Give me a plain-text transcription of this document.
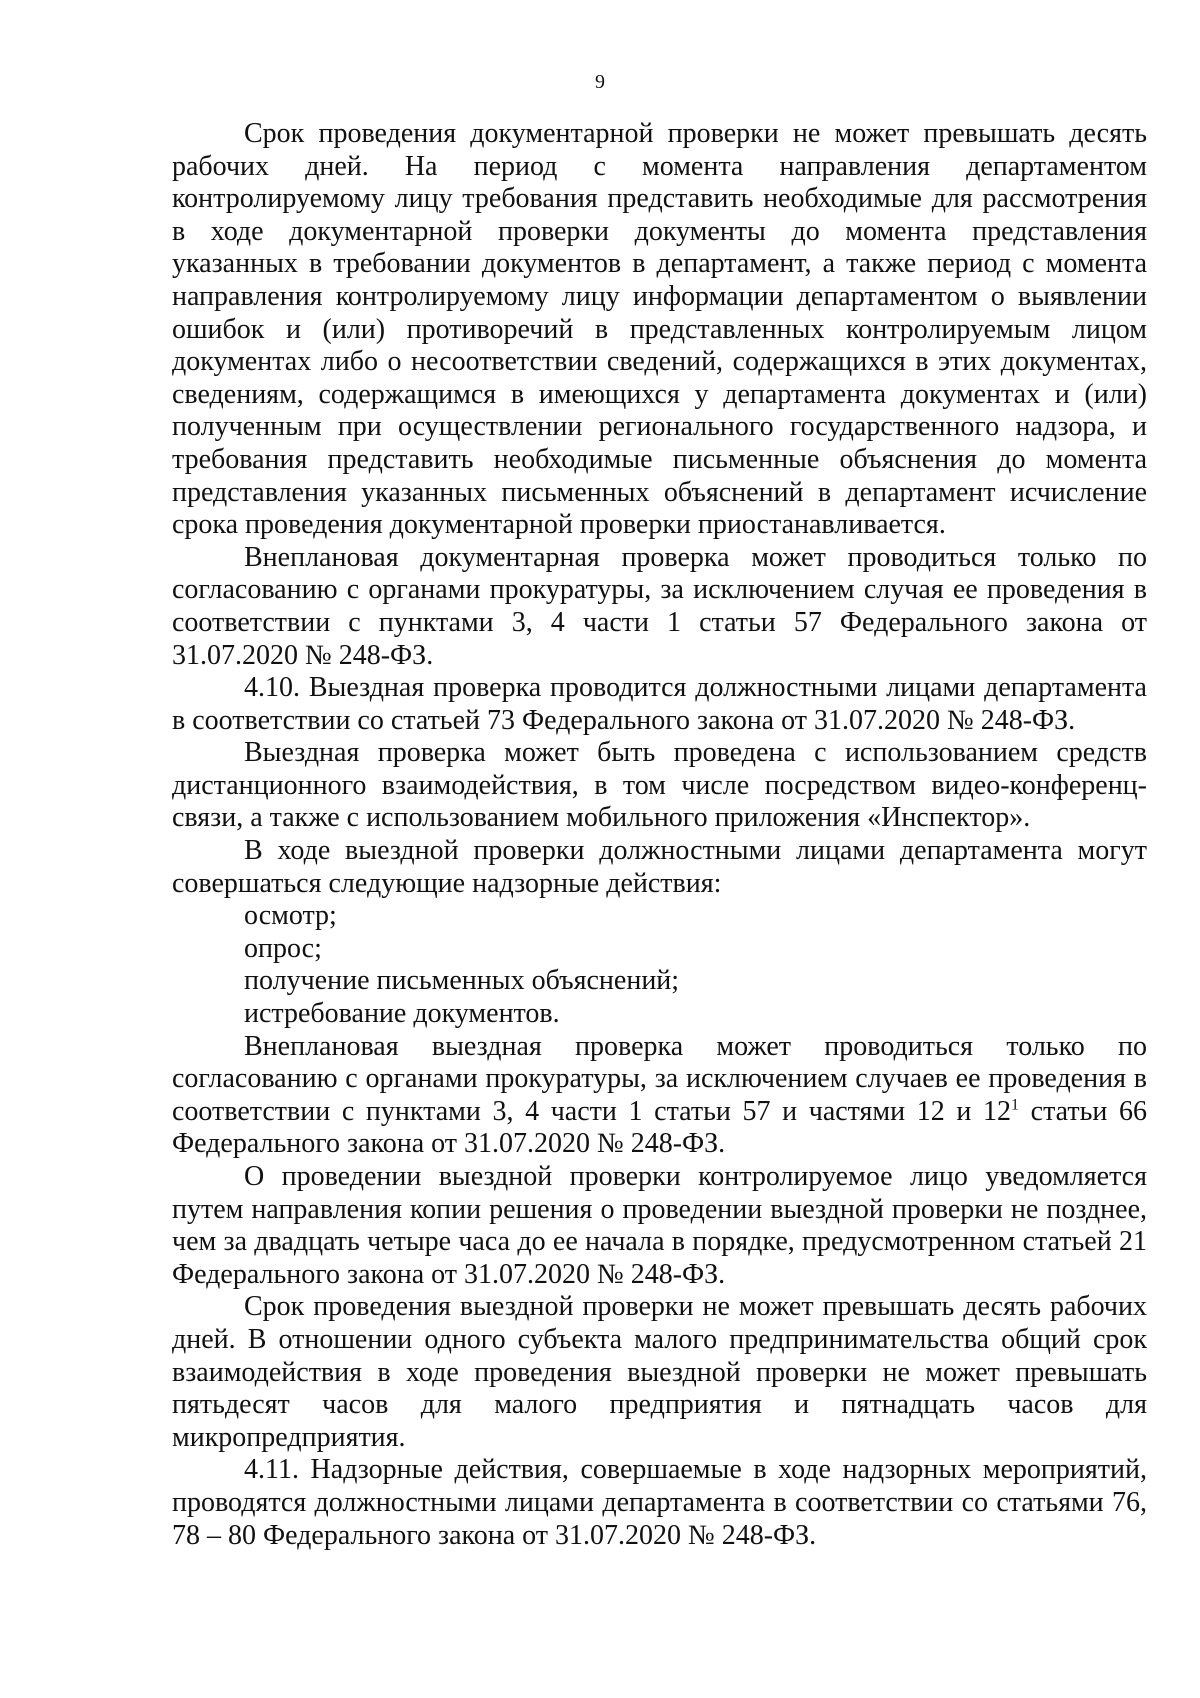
9

Срок проведения документарной проверки не может превышать десять рабочих дней. На период с момента направления департаментом контролируемому лицу требования представить необходимые для рассмотрения в ходе документарной проверки документы до момента представления указанных в требовании документов в департамент, а также период с момента направления контролируемому лицу информации департаментом о выявлении ошибок и (или) противоречий в представленных контролируемым лицом документах либо о несоответствии сведений, содержащихся в этих документах, сведениям, содержащимся в имеющихся у департамента документах и (или) полученным при осуществлении регионального государственного надзора, и требования представить необходимые письменные объяснения до момента представления указанных письменных объяснений в департамент исчисление срока проведения документарной проверки приостанавливается.

Внеплановая документарная проверка может проводиться только по согласованию с органами прокуратуры, за исключением случая ее проведения в соответствии с пунктами 3, 4 части 1 статьи 57 Федерального закона от 31.07.2020 № 248-ФЗ.

4.10. Выездная проверка проводится должностными лицами департамента в соответствии со статьей 73 Федерального закона от 31.07.2020 № 248-ФЗ.

Выездная проверка может быть проведена с использованием средств дистанционного взаимодействия, в том числе посредством видео-конференц-связи, а также с использованием мобильного приложения «Инспектор».

В ходе выездной проверки должностными лицами департамента могут совершаться следующие надзорные действия:

осмотр;

опрос;

получение письменных объяснений;

истребование документов.

Внеплановая выездная проверка может проводиться только по согласованию с органами прокуратуры, за исключением случаев ее проведения в соответствии с пунктами 3, 4 части 1 статьи 57 и частями 12 и $12^1$ статьи 66 Федерального закона от 31.07.2020 № 248-ФЗ.

О проведении выездной проверки контролируемое лицо уведомляется путем направления копии решения о проведении выездной проверки не позднее, чем за двадцать четыре часа до ее начала в порядке, предусмотренном статьей 21 Федерального закона от 31.07.2020 № 248-ФЗ.

Срок проведения выездной проверки не может превышать десять рабочих дней. В отношении одного субъекта малого предпринимательства общий срок взаимодействия в ходе проведения выездной проверки не может превышать пятьдесят часов для малого предприятия и пятнадцать часов для микропредприятия.

4.11. Надзорные действия, совершаемые в ходе надзорных мероприятий, проводятся должностными лицами департамента в соответствии со статьями 76, 78 – 80 Федерального закона от 31.07.2020 № 248-ФЗ.
